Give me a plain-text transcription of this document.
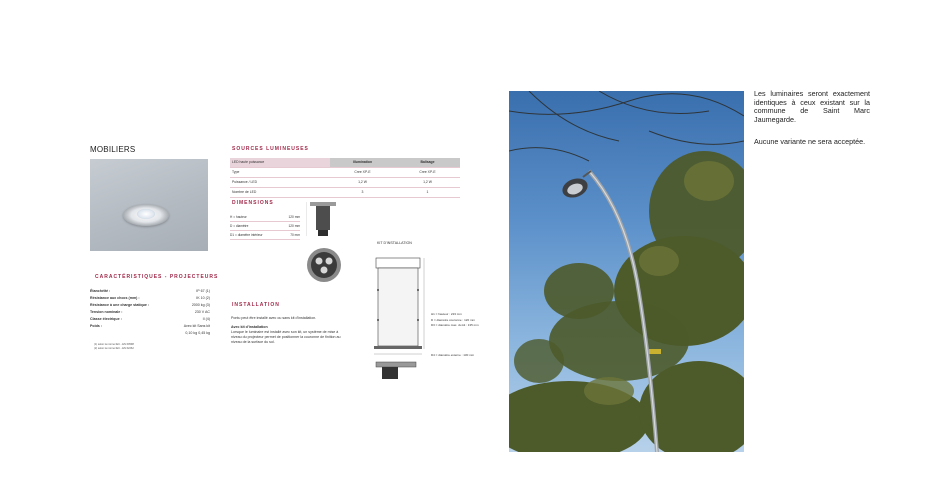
MOBILIERS
CARACTÉRISTIQUES - PROJECTEURS
Étanchéité :	IP 67 (1)
Résistance aux chocs (mm) :	IK 10 (2)
Résistance à une charge statique :	2000 kg (3)
Tension nominale :	230 V AC
Classe électrique :	II (4)
Poids :	Avec kit Sans kit
0,10 kg 0,45 kg
(1) selon la norme IEC - EN 60598
(2) selon la norme IEC - EN 62262
SOURCES LUMINEUSES
LED haute puissance	Illumination	Balisage
Type	Cree XP-E	Cree XP-E
Puissance / LED	1,2 W	1,2 W
Nombre de LED	3	1
DIMENSIONS
H = hauteur	120 mm
D = diamètre	120 mm
D1 = diamètre intérieur	70 mm
INSTALLATION
Pontu peut être installé avec ou sans kit d'installation.
Avec kit d'installation
Lorsque le luminaire est installé avec son kit, un système de mise à niveau du projecteur permet de positionner la couronne de finition au niveau de la surface du sol.
KIT D'INSTALLATION
H1 = hauteur : 223 mm
D = diamètre couronne : 120 mm
D3 = diamètre max. du kit : 135 mm
D4 = diamètre externe : 130 mm
Les luminaires seront exactement identiques à ceux existant sur la commune de Saint Marc Jaumegarde.
Aucune variante ne sera acceptée.
